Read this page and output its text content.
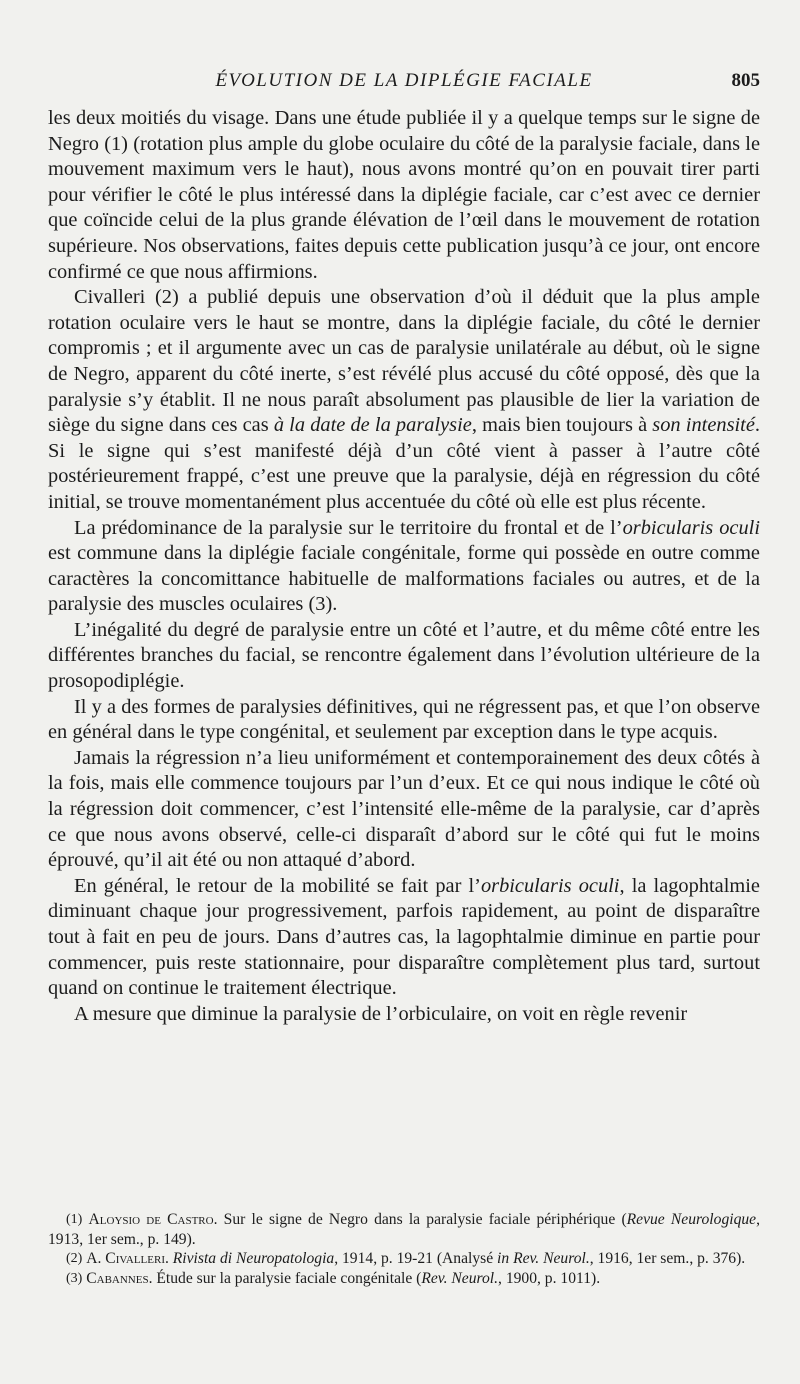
ÉVOLUTION DE LA DIPLÉGIE FACIALE	805

les deux moitiés du visage. Dans une étude publiée il y a quelque temps sur le signe de Negro (1) (rotation plus ample du globe oculaire du côté de la paralysie faciale, dans le mouvement maximum vers le haut), nous avons montré qu’on en pouvait tirer parti pour vérifier le côté le plus intéressé dans la diplégie faciale, car c’est avec ce dernier que coïncide celui de la plus grande élévation de l’œil dans le mouvement de rotation supérieure. Nos observations, faites depuis cette publication jusqu’à ce jour, ont encore confirmé ce que nous affirmions.

Civalleri (2) a publié depuis une observation d’où il déduit que la plus ample rotation oculaire vers le haut se montre, dans la diplégie faciale, du côté le dernier compromis ; et il argumente avec un cas de paralysie unilatérale au début, où le signe de Negro, apparent du côté inerte, s’est révélé plus accusé du côté opposé, dès que la paralysie s’y établit. Il ne nous paraît absolument pas plausible de lier la variation de siège du signe dans ces cas à la date de la paralysie, mais bien toujours à son intensité. Si le signe qui s’est manifesté déjà d’un côté vient à passer à l’autre côté postérieurement frappé, c’est une preuve que la paralysie, déjà en régression du côté initial, se trouve momentanément plus accentuée du côté où elle est plus récente.

La prédominance de la paralysie sur le territoire du frontal et de l’orbicularis oculi est commune dans la diplégie faciale congénitale, forme qui possède en outre comme caractères la concomittance habituelle de malformations faciales ou autres, et de la paralysie des muscles oculaires (3).

L’inégalité du degré de paralysie entre un côté et l’autre, et du même côté entre les différentes branches du facial, se rencontre également dans l’évolution ultérieure de la prosopodiplégie.

Il y a des formes de paralysies définitives, qui ne régressent pas, et que l’on observe en général dans le type congénital, et seulement par exception dans le type acquis.

Jamais la régression n’a lieu uniformément et contemporainement des deux côtés à la fois, mais elle commence toujours par l’un d’eux. Et ce qui nous indique le côté où la régression doit commencer, c’est l’intensité elle-même de la paralysie, car d’après ce que nous avons observé, celle-ci disparaît d’abord sur le côté qui fut le moins éprouvé, qu’il ait été ou non attaqué d’abord.

En général, le retour de la mobilité se fait par l’orbicularis oculi, la lagophtalmie diminuant chaque jour progressivement, parfois rapidement, au point de disparaître tout à fait en peu de jours. Dans d’autres cas, la lagophtalmie diminue en partie pour commencer, puis reste stationnaire, pour disparaître complètement plus tard, surtout quand on continue le traitement électrique.

A mesure que diminue la paralysie de l’orbiculaire, on voit en règle revenir

(1) Aloysio de Castro. Sur le signe de Negro dans la paralysie faciale périphérique (Revue Neurologique, 1913, 1er sem., p. 149).

(2) A. Civalleri. Rivista di Neuropatologia, 1914, p. 19-21 (Analysé in Rev. Neurol., 1916, 1er sem., p. 376).

(3) Cabannes. Étude sur la paralysie faciale congénitale (Rev. Neurol., 1900, p. 1011).
